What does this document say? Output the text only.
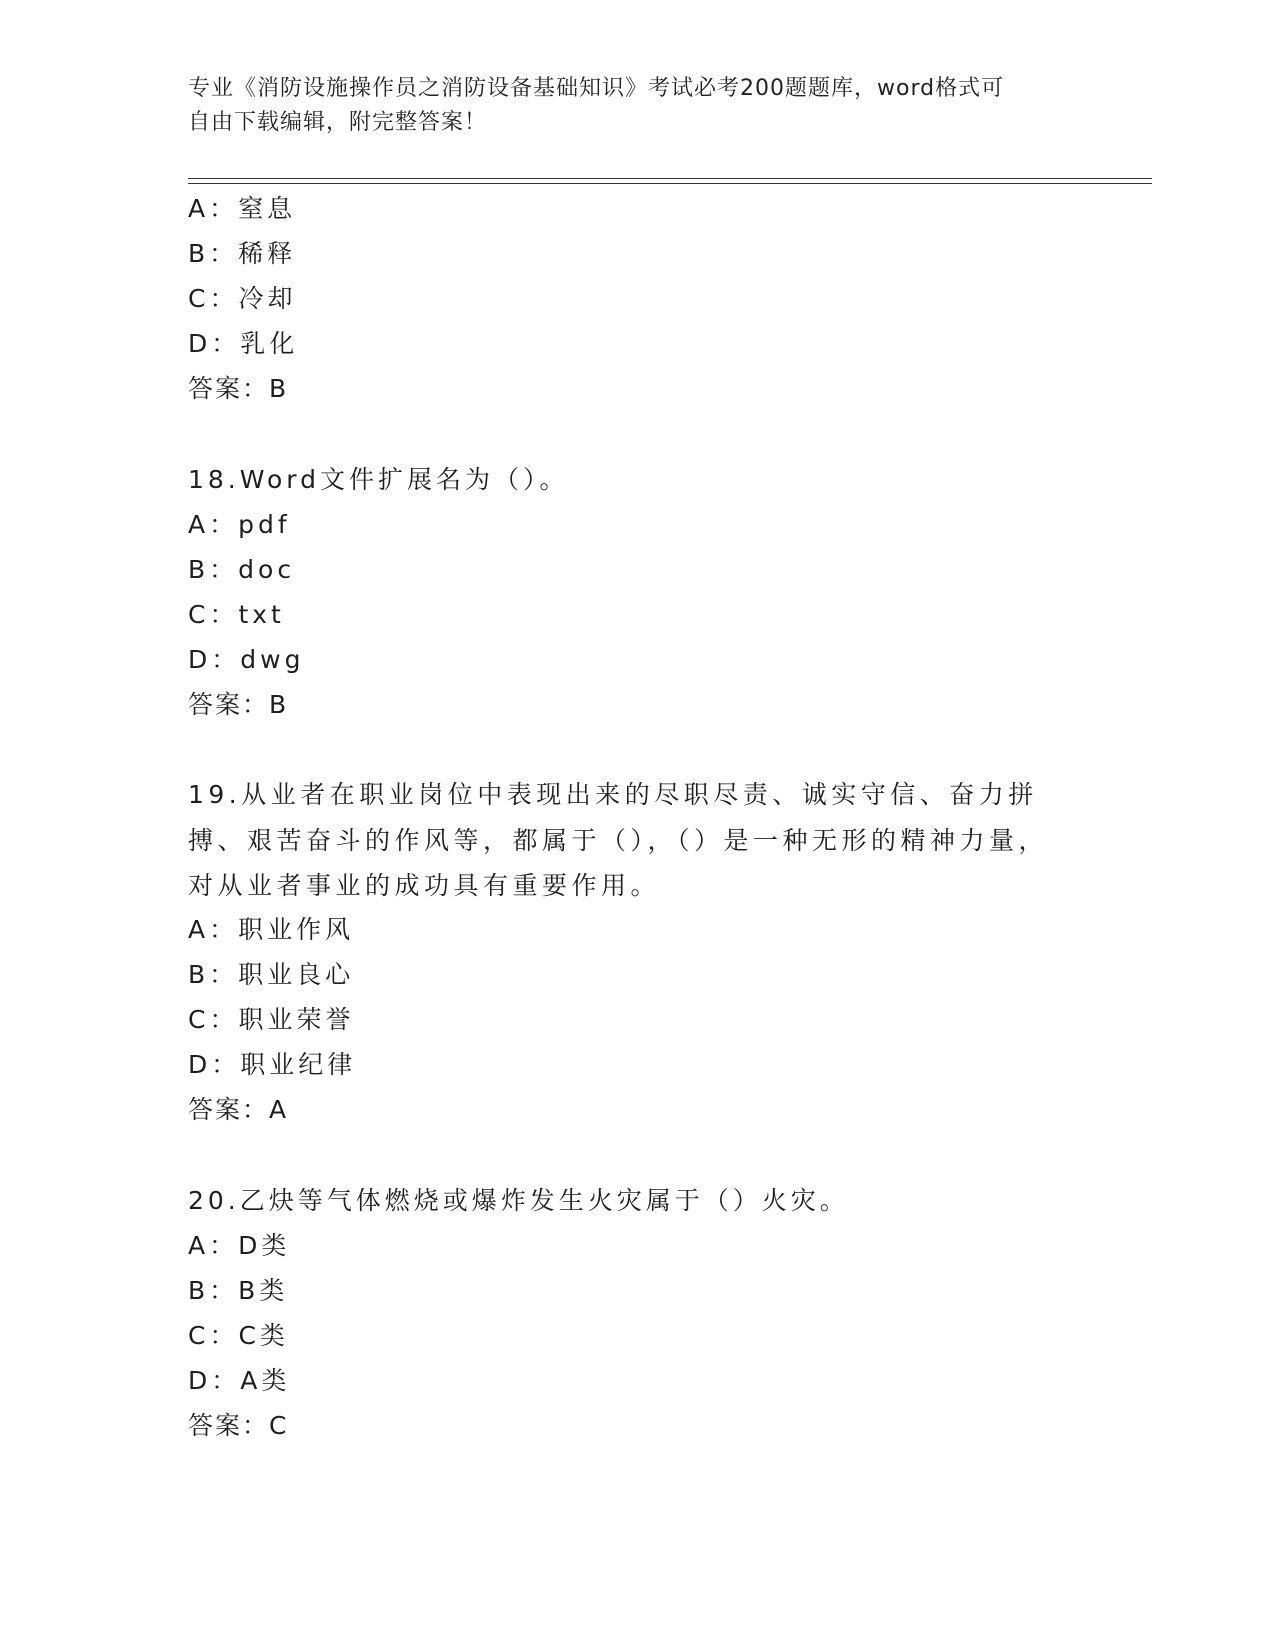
专业《消防设施操作员之消防设备基础知识》考试必考200题题库，word格式可
自由下载编辑，附完整答案！
A：窒息
B：稀释
C：冷却
D：乳化
答案：B
18.Word文件扩展名为（）。
A：pdf
B：doc
C：txt
D：dwg
答案：B
19.从业者在职业岗位中表现出来的尽职尽责、诚实守信、奋力拼搏、艰苦奋斗的作风等，都属于（），（）是一种无形的精神力量，对从业者事业的成功具有重要作用。
A：职业作风
B：职业良心
C：职业荣誉
D：职业纪律
答案：A
20.乙炔等气体燃烧或爆炸发生火灾属于（）火灾。
A：D类
B：B类
C：C类
D：A类
答案：C
